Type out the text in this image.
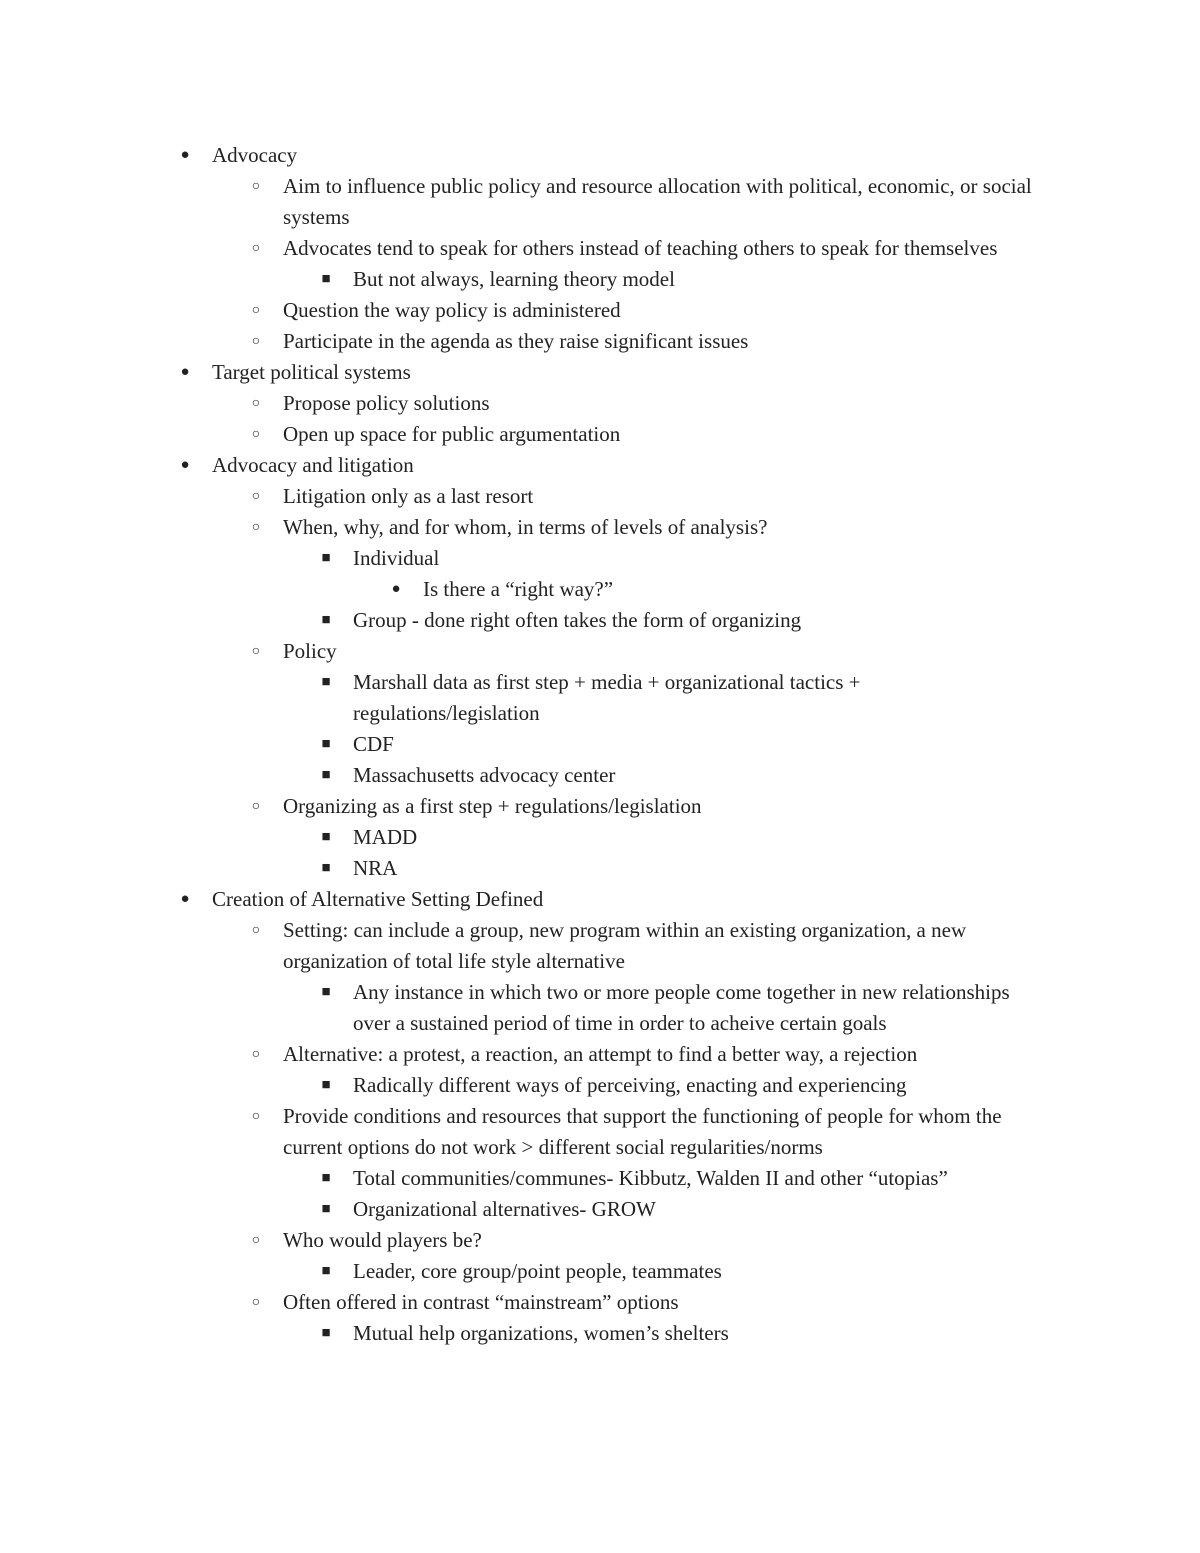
● Advocacy
○ Aim to influence public policy and resource allocation with political, economic, or social systems
○ Advocates tend to speak for others instead of teaching others to speak for themselves
■ But not always, learning theory model
○ Question the way policy is administered
○ Participate in the agenda as they raise significant issues
● Target political systems
○ Propose policy solutions
○ Open up space for public argumentation
● Advocacy and litigation
○ Litigation only as a last resort
○ When, why, and for whom, in terms of levels of analysis?
■ Individual
● Is there a “right way?”
■ Group - done right often takes the form of organizing
○ Policy
■ Marshall data as first step + media + organizational tactics + regulations/legislation
■ CDF
■ Massachusetts advocacy center
○ Organizing as a first step + regulations/legislation
■ MADD
■ NRA
● Creation of Alternative Setting Defined
○ Setting: can include a group, new program within an existing organization, a new organization of total life style alternative
■ Any instance in which two or more people come together in new relationships over a sustained period of time in order to acheive certain goals
○ Alternative: a protest, a reaction, an attempt to find a better way, a rejection
■ Radically different ways of perceiving, enacting and experiencing
○ Provide conditions and resources that support the functioning of people for whom the current options do not work > different social regularities/norms
■ Total communities/communes- Kibbutz, Walden II and other “utopias”
■ Organizational alternatives- GROW
○ Who would players be?
■ Leader, core group/point people, teammates
○ Often offered in contrast “mainstream” options
■ Mutual help organizations, women’s shelters
